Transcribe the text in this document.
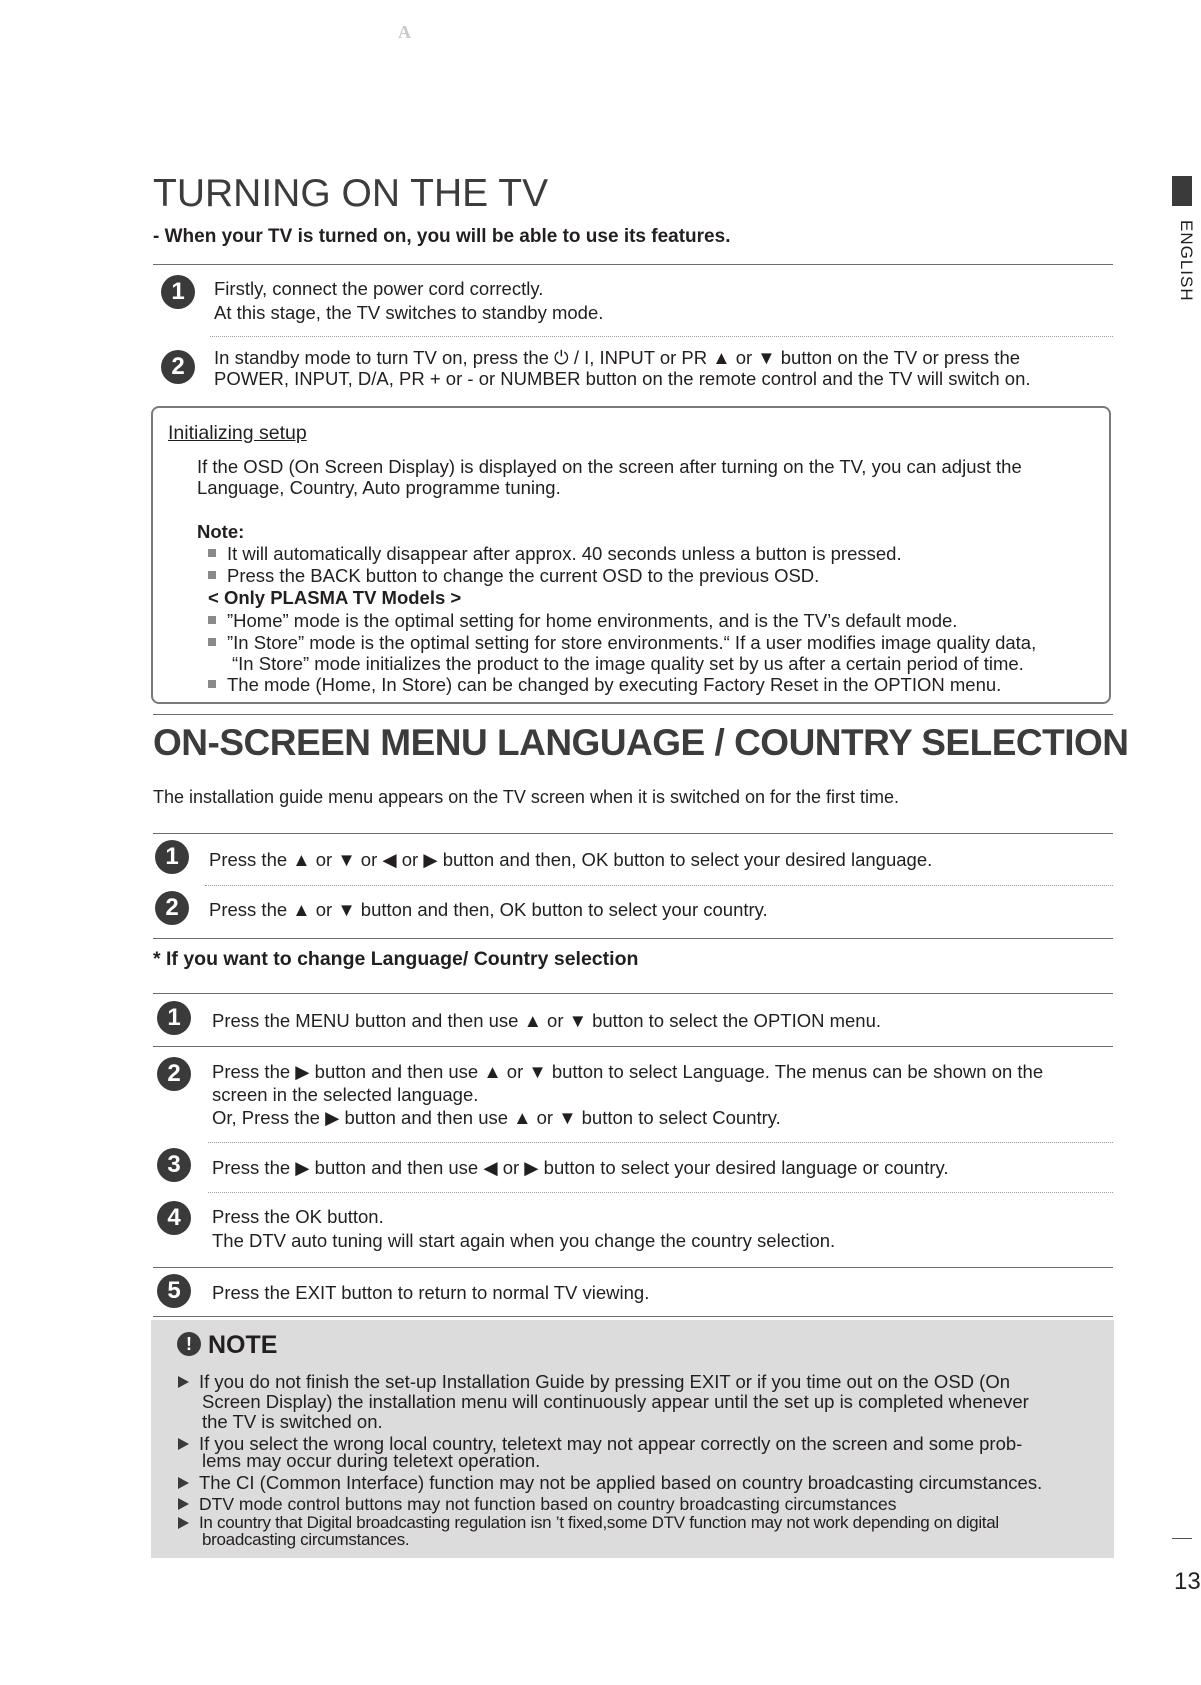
A
ENGLISH
13
TURNING ON THE TV
- When your TV is turned on, you will be able to use its features.
1	Firstly, connect the power cord correctly.
At this stage, the TV switches to standby mode.
2	In standby mode to turn TV on, press the ⏻ / I, INPUT or PR ▲ or ▼ button on the TV or press the
POWER, INPUT, D/A, PR + or - or NUMBER button on the remote control and the TV will switch on.
Initializing setup
If the OSD (On Screen Display) is displayed on the screen after turning on the TV, you can adjust the
Language, Country, Auto programme tuning.
Note:
It will automatically disappear after approx. 40 seconds unless a button is pressed.
Press the BACK button to change the current OSD to the previous OSD.
< Only PLASMA TV Models >
”Home” mode is the optimal setting for home environments, and is the TV’s default mode.
”In Store” mode is the optimal setting for store environments.“ If a user modifies image quality data,
“In Store” mode initializes the product to the image quality set by us after a certain period of time.
The mode (Home, In Store) can be changed by executing Factory Reset in the OPTION menu.
ON-SCREEN MENU LANGUAGE / COUNTRY SELECTION
The installation guide menu appears on the TV screen when it is switched on for the first time.
1	Press the ▲ or ▼ or ◀ or ▶ button and then, OK button to select your desired language.
2	Press the ▲ or ▼ button and then, OK button to select your country.
* If you want to change Language/ Country selection
1	Press the MENU button and then use ▲ or ▼ button to select the OPTION menu.
2	Press the ▶ button and then use ▲ or ▼ button to select Language. The menus can be shown on the
screen in the selected language.
Or, Press the ▶ button and then use ▲ or ▼ button to select Country.
3	Press the ▶ button and then use ◀ or ▶ button to select your desired language or country.
4	Press the OK button.
The DTV auto tuning will start again when you change the country selection.
5	Press the EXIT button to return to normal TV viewing.
! NOTE
If you do not finish the set-up Installation Guide by pressing EXIT or if you time out on the OSD (On
Screen Display) the installation menu will continuously appear until the set up is completed whenever
the TV is switched on.
If you select the wrong local country, teletext may not appear correctly on the screen and some prob-
lems may occur during teletext operation.
The CI (Common Interface) function may not be applied based on country broadcasting circumstances.
DTV mode control buttons may not function based on country broadcasting circumstances
In country that Digital broadcasting regulation isn ’t fixed,some DTV function may not work depending on digital
broadcasting circumstances.
